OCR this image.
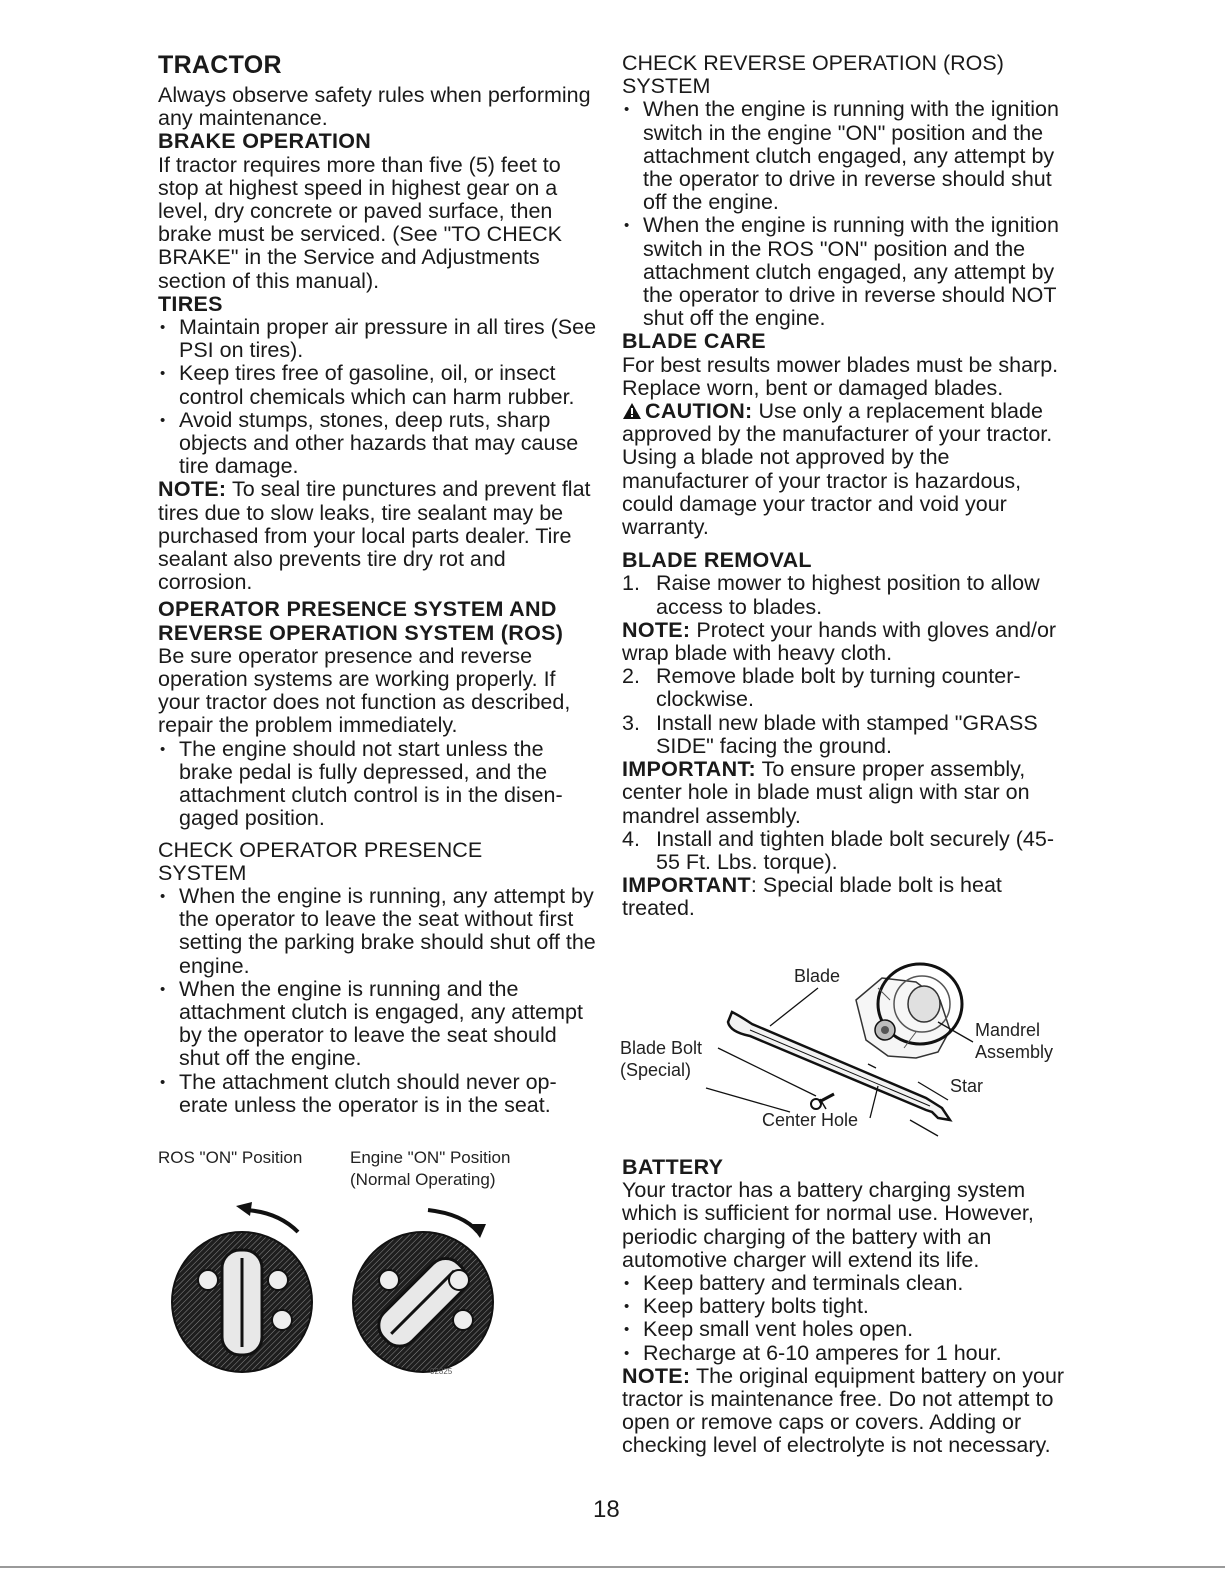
TRACTOR

Always observe safety rules when performing any maintenance.

BRAKE OPERATION

If tractor requires more than five (5) feet to stop at highest speed in highest gear on a level, dry concrete or paved surface, then brake must be serviced. (See "TO CHECK BRAKE" in the Service and Adjustments section of this manual).

TIRES
• Maintain proper air pressure in all tires (See PSI on tires).
• Keep tires free of gasoline, oil, or insect control chemicals which can harm rubber.
• Avoid stumps, stones, deep ruts, sharp objects and other hazards that may cause tire damage.

NOTE: To seal tire punctures and prevent flat tires due to slow leaks, tire sealant may be purchased from your local parts dealer. Tire sealant also prevents tire dry rot and corrosion.

OPERATOR PRESENCE SYSTEM AND
REVERSE OPERATION SYSTEM (ROS)

Be sure operator presence and reverse operation systems are working properly. If your tractor does not function as described, repair the problem immediately.

• The engine should not start unless the brake pedal is fully depressed, and the attachment clutch control is in the disengaged position.
CHECK OPERATOR PRESENCE
SYSTEM
• When the engine is running, any attempt by the operator to leave the seat without first setting the parking brake should shut off the engine.
• When the engine is running and the attachment clutch is engaged, any attempt by the operator to leave the seat should shut off the engine.
• The attachment clutch should never operate unless the operator is in the seat.
ROS "ON" Position	Engine "ON" Position
(Normal Operating)
02825
CHECK REVERSE OPERATION (ROS)
SYSTEM
• When the engine is running with the ignition switch in the engine "ON" position and the attachment clutch engaged, any attempt by the operator to drive in reverse should shut off the engine.
• When the engine is running with the ignition switch in the ROS "ON" position and the attachment clutch engaged, any attempt by the operator to drive in reverse should NOT shut off the engine.
BLADE CARE

For best results mower blades must be sharp. Replace worn, bent or damaged blades.

CAUTION: Use only a replacement blade approved by the manufacturer of your tractor. Using a blade not approved by the manufacturer of your tractor is hazardous, could damage your tractor and void your warranty.

BLADE REMOVAL
1. Raise mower to highest position to allow access to blades.

NOTE: Protect your hands with gloves and/or wrap blade with heavy cloth.

2. Remove blade bolt by turning counterclockwise.
3. Install new blade with stamped "GRASS SIDE" facing the ground.

IMPORTANT: To ensure proper assembly, center hole in blade must align with star on mandrel assembly.

4. Install and tighten blade bolt securely (45-55 Ft. Lbs. torque).

IMPORTANT: Special blade bolt is heat treated.

Blade
Mandrel
Assembly
Blade Bolt
(Special)
Star
Center Hole
BATTERY

Your tractor has a battery charging system which is sufficient for normal use. However, periodic charging of the battery with an automotive charger will extend its life.

• Keep battery and terminals clean.
• Keep battery bolts tight.
• Keep small vent holes open.
• Recharge at 6-10 amperes for 1 hour.

NOTE: The original equipment battery on your tractor is maintenance free. Do not attempt to open or remove caps or covers. Adding or checking level of electrolyte is not necessary.

18
